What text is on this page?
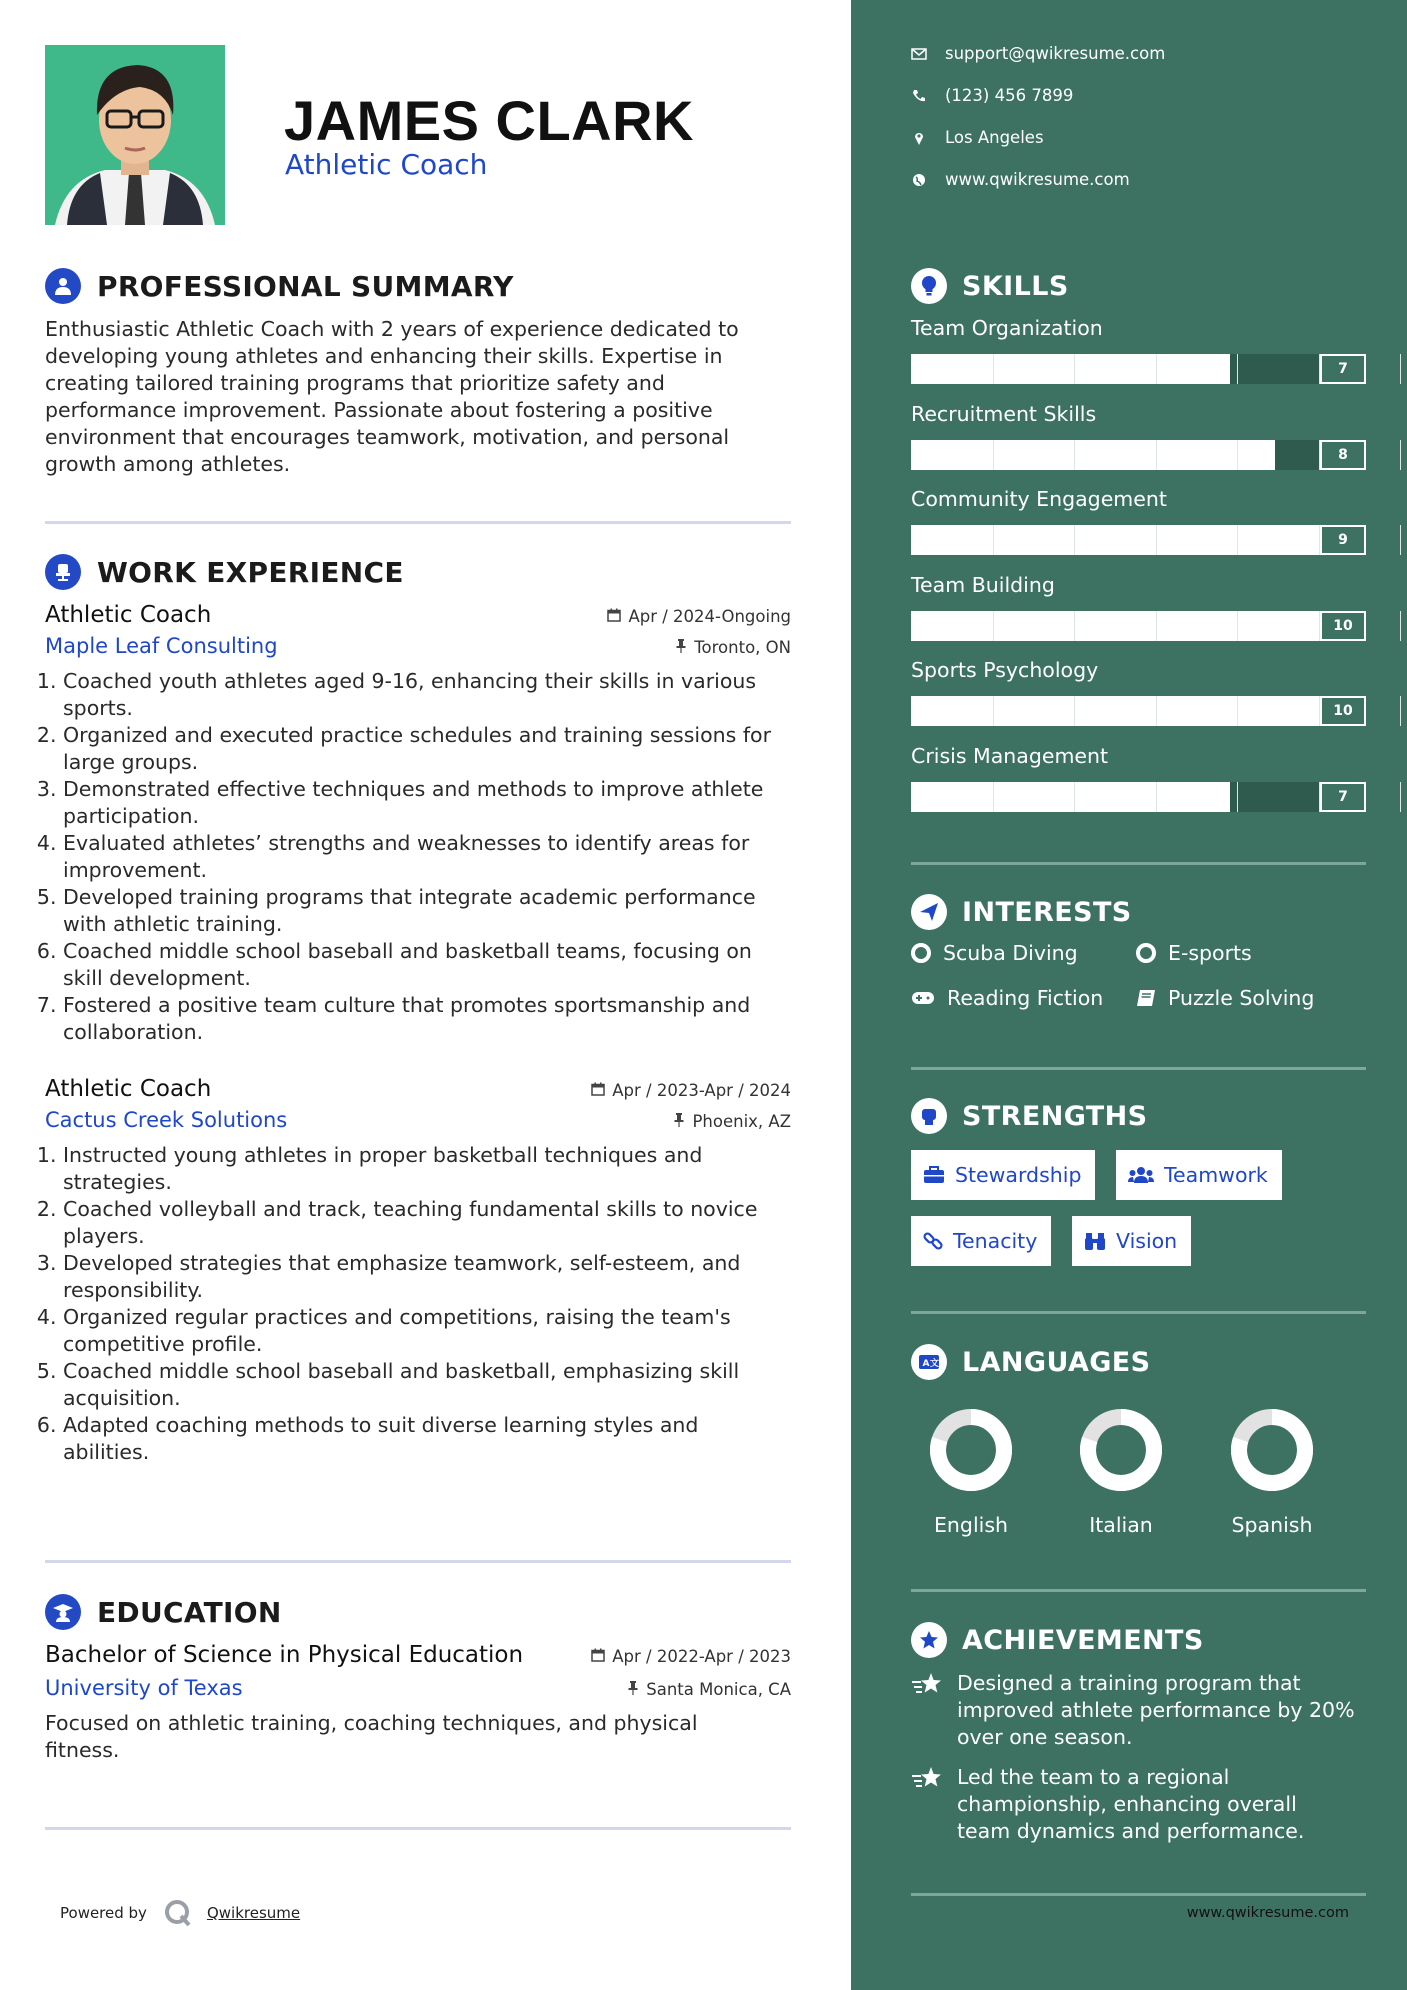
JAMES CLARK
Athletic Coach
PROFESSIONAL SUMMARY
Enthusiastic Athletic Coach with 2 years of experience dedicated to
developing young athletes and enhancing their skills. Expertise in
creating tailored training programs that prioritize safety and
performance improvement. Passionate about fostering a positive
environment that encourages teamwork, motivation, and personal
growth among athletes.
WORK EXPERIENCE
Athletic Coach	Apr / 2024-Ongoing
Maple Leaf Consulting	Toronto, ON
1. Coached youth athletes aged 9-16, enhancing their skills in various sports.
2. Organized and executed practice schedules and training sessions for large groups.
3. Demonstrated effective techniques and methods to improve athlete participation.
4. Evaluated athletes’ strengths and weaknesses to identify areas for improvement.
5. Developed training programs that integrate academic performance with athletic training.
6. Coached middle school baseball and basketball teams, focusing on skill development.
7. Fostered a positive team culture that promotes sportsmanship and collaboration.
Athletic Coach	Apr / 2023-Apr / 2024
Cactus Creek Solutions	Phoenix, AZ
1. Instructed young athletes in proper basketball techniques and strategies.
2. Coached volleyball and track, teaching fundamental skills to novice players.
3. Developed strategies that emphasize teamwork, self-esteem, and responsibility.
4. Organized regular practices and competitions, raising the team's competitive profile.
5. Coached middle school baseball and basketball, emphasizing skill acquisition.
6. Adapted coaching methods to suit diverse learning styles and abilities.
EDUCATION
Bachelor of Science in Physical Education	Apr / 2022-Apr / 2023
University of Texas	Santa Monica, CA
Focused on athletic training, coaching techniques, and physical
fitness.
Powered by	Qwikresume
support@qwikresume.com
(123) 456 7899
Los Angeles
www.qwikresume.com
SKILLS
Team Organization
7
Recruitment Skills
8
Community Engagement
9
Team Building
10
Sports Psychology
10
Crisis Management
7
INTERESTS
Scuba Diving	E-sports
Reading Fiction	Puzzle Solving
STRENGTHS
Stewardship	Teamwork
Tenacity	Vision
A 文 LANGUAGES
English	Italian	Spanish
ACHIEVEMENTS
Designed a training program that
improved athlete performance by 20%
over one season.
Led the team to a regional
championship, enhancing overall
team dynamics and performance.
www.qwikresume.com
